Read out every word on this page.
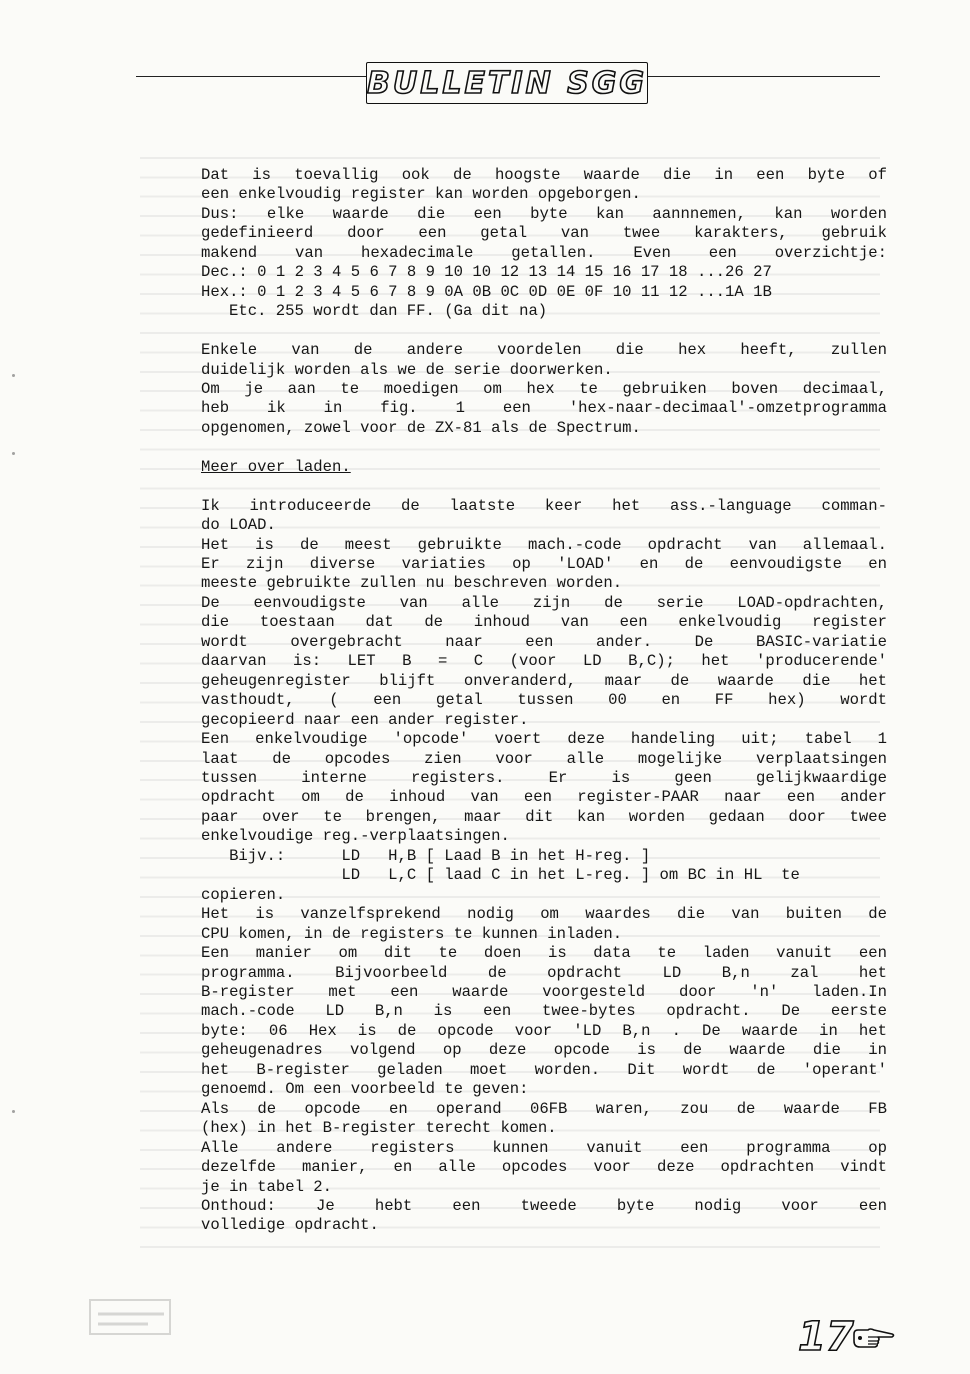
BULLETIN SGG

Dat is toevallig ook de hoogste waarde die in een byte of

een enkelvoudig register kan worden opgeborgen.

Dus: elke waarde die een byte kan aannnemen, kan worden

gedefinieerd door een getal van twee karakters, gebruik

makend van hexadecimale getallen. Even een overzichtje:

Dec.: 0 1 2 3 4 5 6 7 8 9 10 10 12 13 14 15 16 17 18 ...26 27
Hex.: 0 1 2 3 4 5 6 7 8 9 0A 0B 0C 0D 0E 0F 10 11 12 ...1A 1B
Etc. 255 wordt dan FF. (Ga dit na)

Enkele van de andere voordelen die hex heeft, zullen

duidelijk worden als we de serie doorwerken.

Om je aan te moedigen om hex te gebruiken boven decimaal,

heb ik in fig. 1 een 'hex-naar-decimaal'-omzetprogramma

opgenomen, zowel voor de ZX-81 als de Spectrum.

Meer over laden.

Ik introduceerde de laatste keer het ass.-language comman-

do LOAD.

Het is de meest gebruikte mach.-code opdracht van allemaal.

Er zijn diverse variaties op 'LOAD' en de eenvoudigste en

meeste gebruikte zullen nu beschreven worden.

De eenvoudigste van alle zijn de serie LOAD-opdrachten,

die toestaan dat de inhoud van een enkelvoudig register

wordt overgebracht naar een ander. De BASIC-variatie

daarvan is: LET B = C (voor LD B,C); het 'producerende'

geheugenregister blijft onveranderd, maar de waarde die het

vasthoudt, ( een getal tussen 00 en FF hex) wordt

gecopieerd naar een ander register.

Een enkelvoudige 'opcode' voert deze handeling uit; tabel 1

laat de opcodes zien voor alle mogelijke verplaatsingen

tussen interne registers. Er is geen gelijkwaardige

opdracht om de inhoud van een register-PAAR naar een ander

paar over te brengen, maar dit kan worden gedaan door twee

enkelvoudige reg.-verplaatsingen.

Bijv.:      LD   H,B [ Laad B in het H-reg. ]
LD   L,C [ laad C in het L-reg. ] om BC in HL  te
copieren.

Het is vanzelfsprekend nodig om waardes die van buiten de

CPU komen, in de registers te kunnen inladen.

Een manier om dit te doen is data te laden vanuit een

programma. Bijvoorbeeld de opdracht LD B,n zal het

B-register met een waarde voorgesteld door 'n' laden.In

mach.-code LD B,n is een twee-bytes opdracht. De eerste

byte: 06 Hex is de opcode voor 'LD B,n . De waarde in het

geheugenadres volgend op deze opcode is de waarde die in

het B-register geladen moet worden. Dit wordt de 'operant'

genoemd. Om een voorbeeld te geven:

Als de opcode en operand 06FB waren, zou de waarde FB

(hex) in het B-register terecht komen.

Alle andere registers kunnen vanuit een programma op

dezelfde manier, en alle opcodes voor deze opdrachten vindt

je in tabel 2.

Onthoud: Je hebt een tweede byte nodig voor een

volledige opdracht.

17
